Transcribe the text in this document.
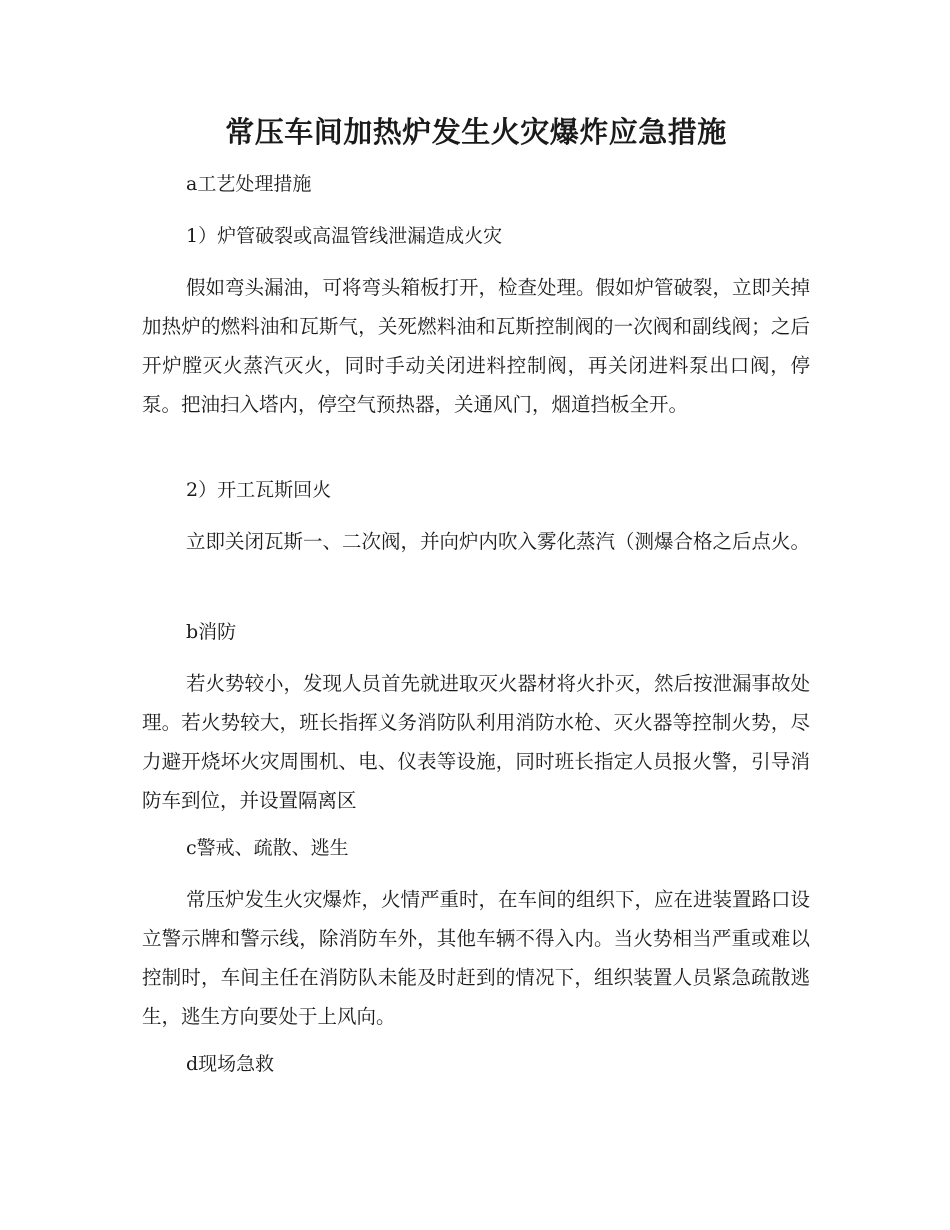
常压车间加热炉发生火灾爆炸应急措施

a工艺处理措施

1）炉管破裂或高温管线泄漏造成火灾

假如弯头漏油，可将弯头箱板打开，检查处理。假如炉管破裂，立即关掉加热炉的燃料油和瓦斯气，关死燃料油和瓦斯控制阀的一次阀和副线阀；之后开炉膛灭火蒸汽灭火，同时手动关闭进料控制阀，再关闭进料泵出口阀，停泵。把油扫入塔内，停空气预热器，关通风门，烟道挡板全开。

2）开工瓦斯回火

立即关闭瓦斯一、二次阀，并向炉内吹入雾化蒸汽（测爆合格之后点火。

b消防

若火势较小，发现人员首先就进取灭火器材将火扑灭，然后按泄漏事故处理。若火势较大，班长指挥义务消防队利用消防水枪、灭火器等控制火势，尽力避开烧坏火灾周围机、电、仪表等设施，同时班长指定人员报火警，引导消防车到位，并设置隔离区

c警戒、疏散、逃生

常压炉发生火灾爆炸，火情严重时，在车间的组织下，应在进装置路口设立警示牌和警示线，除消防车外，其他车辆不得入内。当火势相当严重或难以控制时，车间主任在消防队未能及时赶到的情况下，组织装置人员紧急疏散逃生，逃生方向要处于上风向。

d现场急救
